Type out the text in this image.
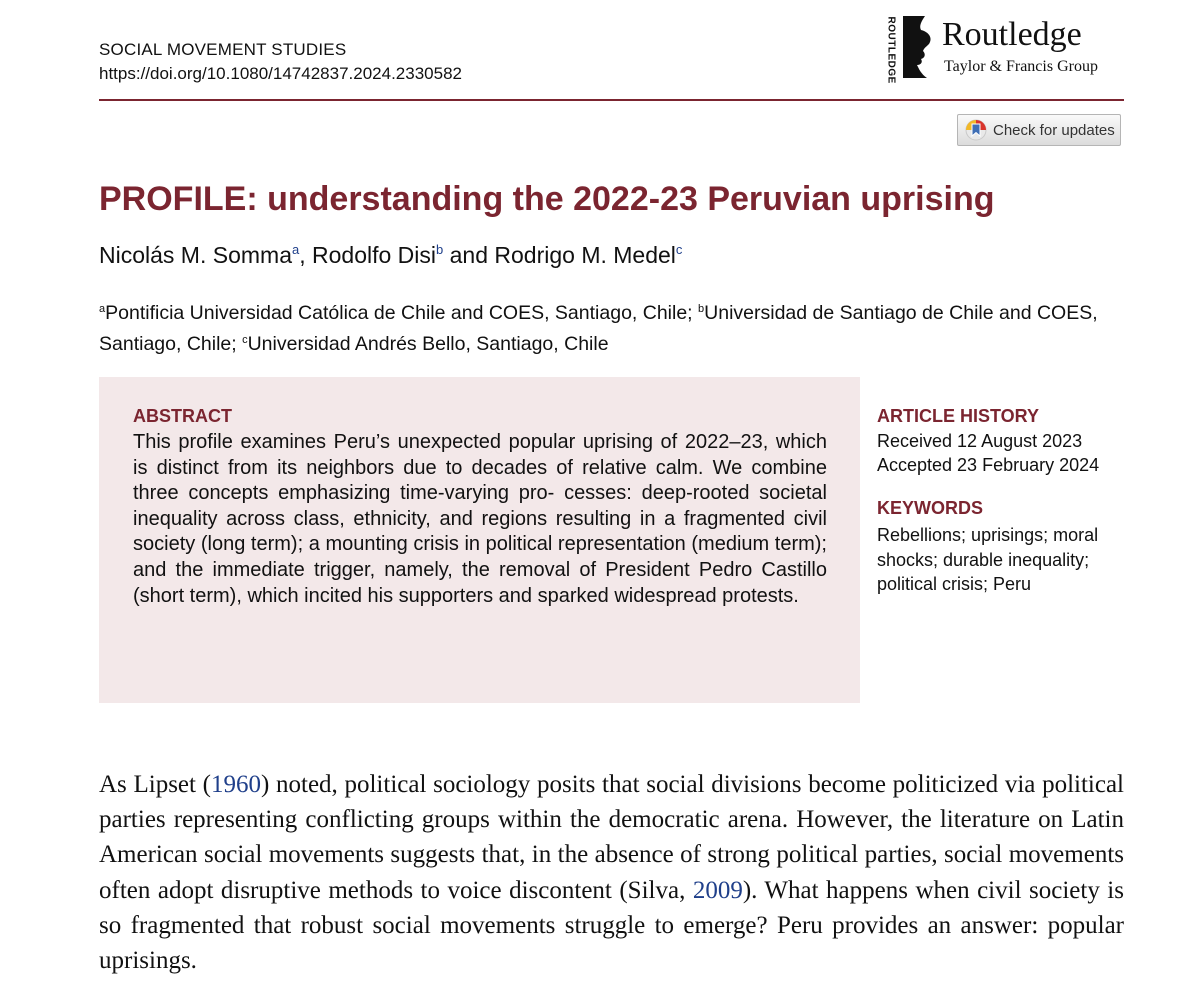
SOCIAL MOVEMENT STUDIES
https://doi.org/10.1080/14742837.2024.2330582	ROUTLEDGE Routledge
Taylor & Francis Group
Check for updates
PROFILE: understanding the 2022-23 Peruvian uprising
Nicolás M. Somma$^a$, Rodolfo Disi$^b$ and Rodrigo M. Medel$^c$
$^a$Pontificia Universidad Católica de Chile and COES, Santiago, Chile; $^b$Universidad de Santiago de Chile and COES, Santiago, Chile; $^c$Universidad Andrés Bello, Santiago, Chile
ABSTRACT
This profile examines Peru’s unexpected popular uprising of 2022–23, which is distinct from its neighbors due to decades of relative calm. We combine three concepts emphasizing time-varying pro- cesses: deep-rooted societal inequality across class, ethnicity, and regions resulting in a fragmented civil society (long term); a mounting crisis in political representation (medium term); and the immediate trigger, namely, the removal of President Pedro Castillo (short term), which incited his supporters and sparked widespread protests.
ARTICLE HISTORY
Received 12 August 2023
Accepted 23 February 2024
KEYWORDS
Rebellions; uprisings; moral shocks; durable inequality; political crisis; Peru
As Lipset (1960) noted, political sociology posits that social divisions become politicized via political parties representing conflicting groups within the democratic arena. However, the literature on Latin American social movements suggests that, in the absence of strong political parties, social movements often adopt disruptive methods to voice discontent (Silva, 2009). What happens when civil society is so fragmented that robust social movements struggle to emerge? Peru provides an answer: popular uprisings.
